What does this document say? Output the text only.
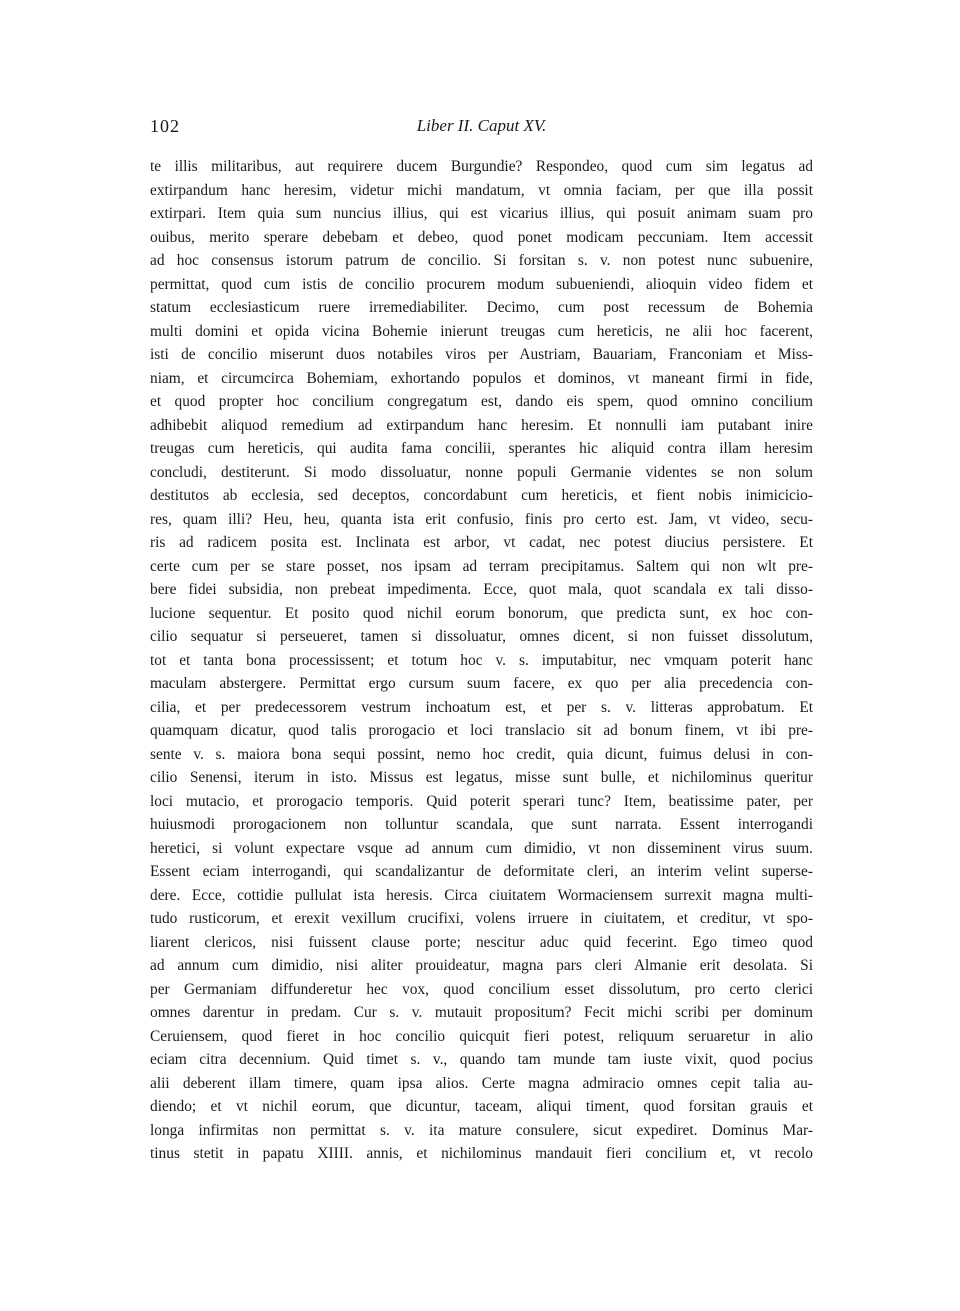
102	Liber II. Caput XV.
te illis militaribus, aut requirere ducem Burgundie? Respondeo, quod cum sim legatus ad
extirpandum hanc heresim, videtur michi mandatum, vt omnia faciam, per que illa possit
extirpari. Item quia sum nuncius illius, qui est vicarius illius, qui posuit animam suam pro
ouibus, merito sperare debebam et debeo, quod ponet modicam peccuniam. Item accessit
ad hoc consensus istorum patrum de concilio. Si forsitan s. v. non potest nunc subuenire,
permittat, quod cum istis de concilio procurem modum subueniendi, alioquin video fidem et
statum ecclesiasticum ruere irremediabiliter. Decimo, cum post recessum de Bohemia
multi domini et opida vicina Bohemie inierunt treugas cum hereticis, ne alii hoc facerent,
isti de concilio miserunt duos notabiles viros per Austriam, Bauariam, Franconiam et Miss-
niam, et circumcirca Bohemiam, exhortando populos et dominos, vt maneant firmi in fide,
et quod propter hoc concilium congregatum est, dando eis spem, quod omnino concilium
adhibebit aliquod remedium ad extirpandum hanc heresim. Et nonnulli iam putabant inire
treugas cum hereticis, qui audita fama concilii, sperantes hic aliquid contra illam heresim
concludi, destiterunt. Si modo dissoluatur, nonne populi Germanie videntes se non solum
destitutos ab ecclesia, sed deceptos, concordabunt cum hereticis, et fient nobis inimicicio-
res, quam illi? Heu, heu, quanta ista erit confusio, finis pro certo est. Jam, vt video, secu-
ris ad radicem posita est. Inclinata est arbor, vt cadat, nec potest diucius persistere. Et
certe cum per se stare posset, nos ipsam ad terram precipitamus. Saltem qui non wlt pre-
bere fidei subsidia, non prebeat impedimenta. Ecce, quot mala, quot scandala ex tali disso-
lucione sequentur. Et posito quod nichil eorum bonorum, que predicta sunt, ex hoc con-
cilio sequatur si perseueret, tamen si dissoluatur, omnes dicent, si non fuisset dissolutum,
tot et tanta bona processissent; et totum hoc v. s. imputabitur, nec vmquam poterit hanc
maculam abstergere. Permittat ergo cursum suum facere, ex quo per alia precedencia con-
cilia, et per predecessorem vestrum inchoatum est, et per s. v. litteras approbatum. Et
quamquam dicatur, quod talis prorogacio et loci translacio sit ad bonum finem, vt ibi pre-
sente v. s. maiora bona sequi possint, nemo hoc credit, quia dicunt, fuimus delusi in con-
cilio Senensi, iterum in isto. Missus est legatus, misse sunt bulle, et nichilominus queritur
loci mutacio, et prorogacio temporis. Quid poterit sperari tunc? Item, beatissime pater, per
huiusmodi prorogacionem non tolluntur scandala, que sunt narrata. Essent interrogandi
heretici, si volunt expectare vsque ad annum cum dimidio, vt non disseminent virus suum.
Essent eciam interrogandi, qui scandalizantur de deformitate cleri, an interim velint superse-
dere. Ecce, cottidie pullulat ista heresis. Circa ciuitatem Wormaciensem surrexit magna multi-
tudo rusticorum, et erexit vexillum crucifixi, volens irruere in ciuitatem, et creditur, vt spo-
liarent clericos, nisi fuissent clause porte; nescitur aduc quid fecerint. Ego timeo quod
ad annum cum dimidio, nisi aliter prouideatur, magna pars cleri Almanie erit desolata. Si
per Germaniam diffunderetur hec vox, quod concilium esset dissolutum, pro certo clerici
omnes darentur in predam. Cur s. v. mutauit propositum? Fecit michi scribi per dominum
Ceruiensem, quod fieret in hoc concilio quicquit fieri potest, reliquum seruaretur in alio
eciam citra decennium. Quid timet s. v., quando tam munde tam iuste vixit, quod pocius
alii deberent illam timere, quam ipsa alios. Certe magna admiracio omnes cepit talia au-
diendo; et vt nichil eorum, que dicuntur, taceam, aliqui timent, quod forsitan grauis et
longa infirmitas non permittat s. v. ita mature consulere, sicut expediret. Dominus Mar-
tinus stetit in papatu XIIII. annis, et nichilominus mandauit fieri concilium et, vt recolo
